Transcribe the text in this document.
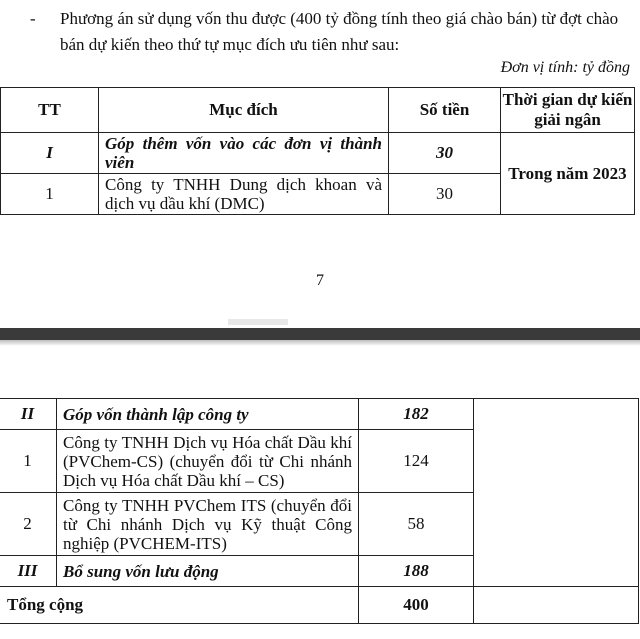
- Phương án sử dụng vốn thu được (400 tỷ đồng tính theo giá chào bán) từ đợt chào bán dự kiến theo thứ tự mục đích ưu tiên như sau:
Đơn vị tính: tỷ đồng
TT	Mục đích	Số tiền	Thời gian dự kiến giải ngân
I	Góp thêm vốn vào các đơn vị thành viên	30	Trong năm 2023
1	Công ty TNHH Dung dịch khoan và dịch vụ dầu khí (DMC)	30	
7
II	Góp vốn thành lập công ty	182	
1	Công ty TNHH Dịch vụ Hóa chất Dầu khí (PVChem-CS) (chuyển đổi từ Chi nhánh Dịch vụ Hóa chất Dầu khí – CS)	124	
2	Công ty TNHH PVChem ITS (chuyển đổi từ Chi nhánh Dịch vụ Kỹ thuật Công nghiệp (PVCHEM-ITS)	58	
III	Bổ sung vốn lưu động	188	
Tổng cộng		400	
